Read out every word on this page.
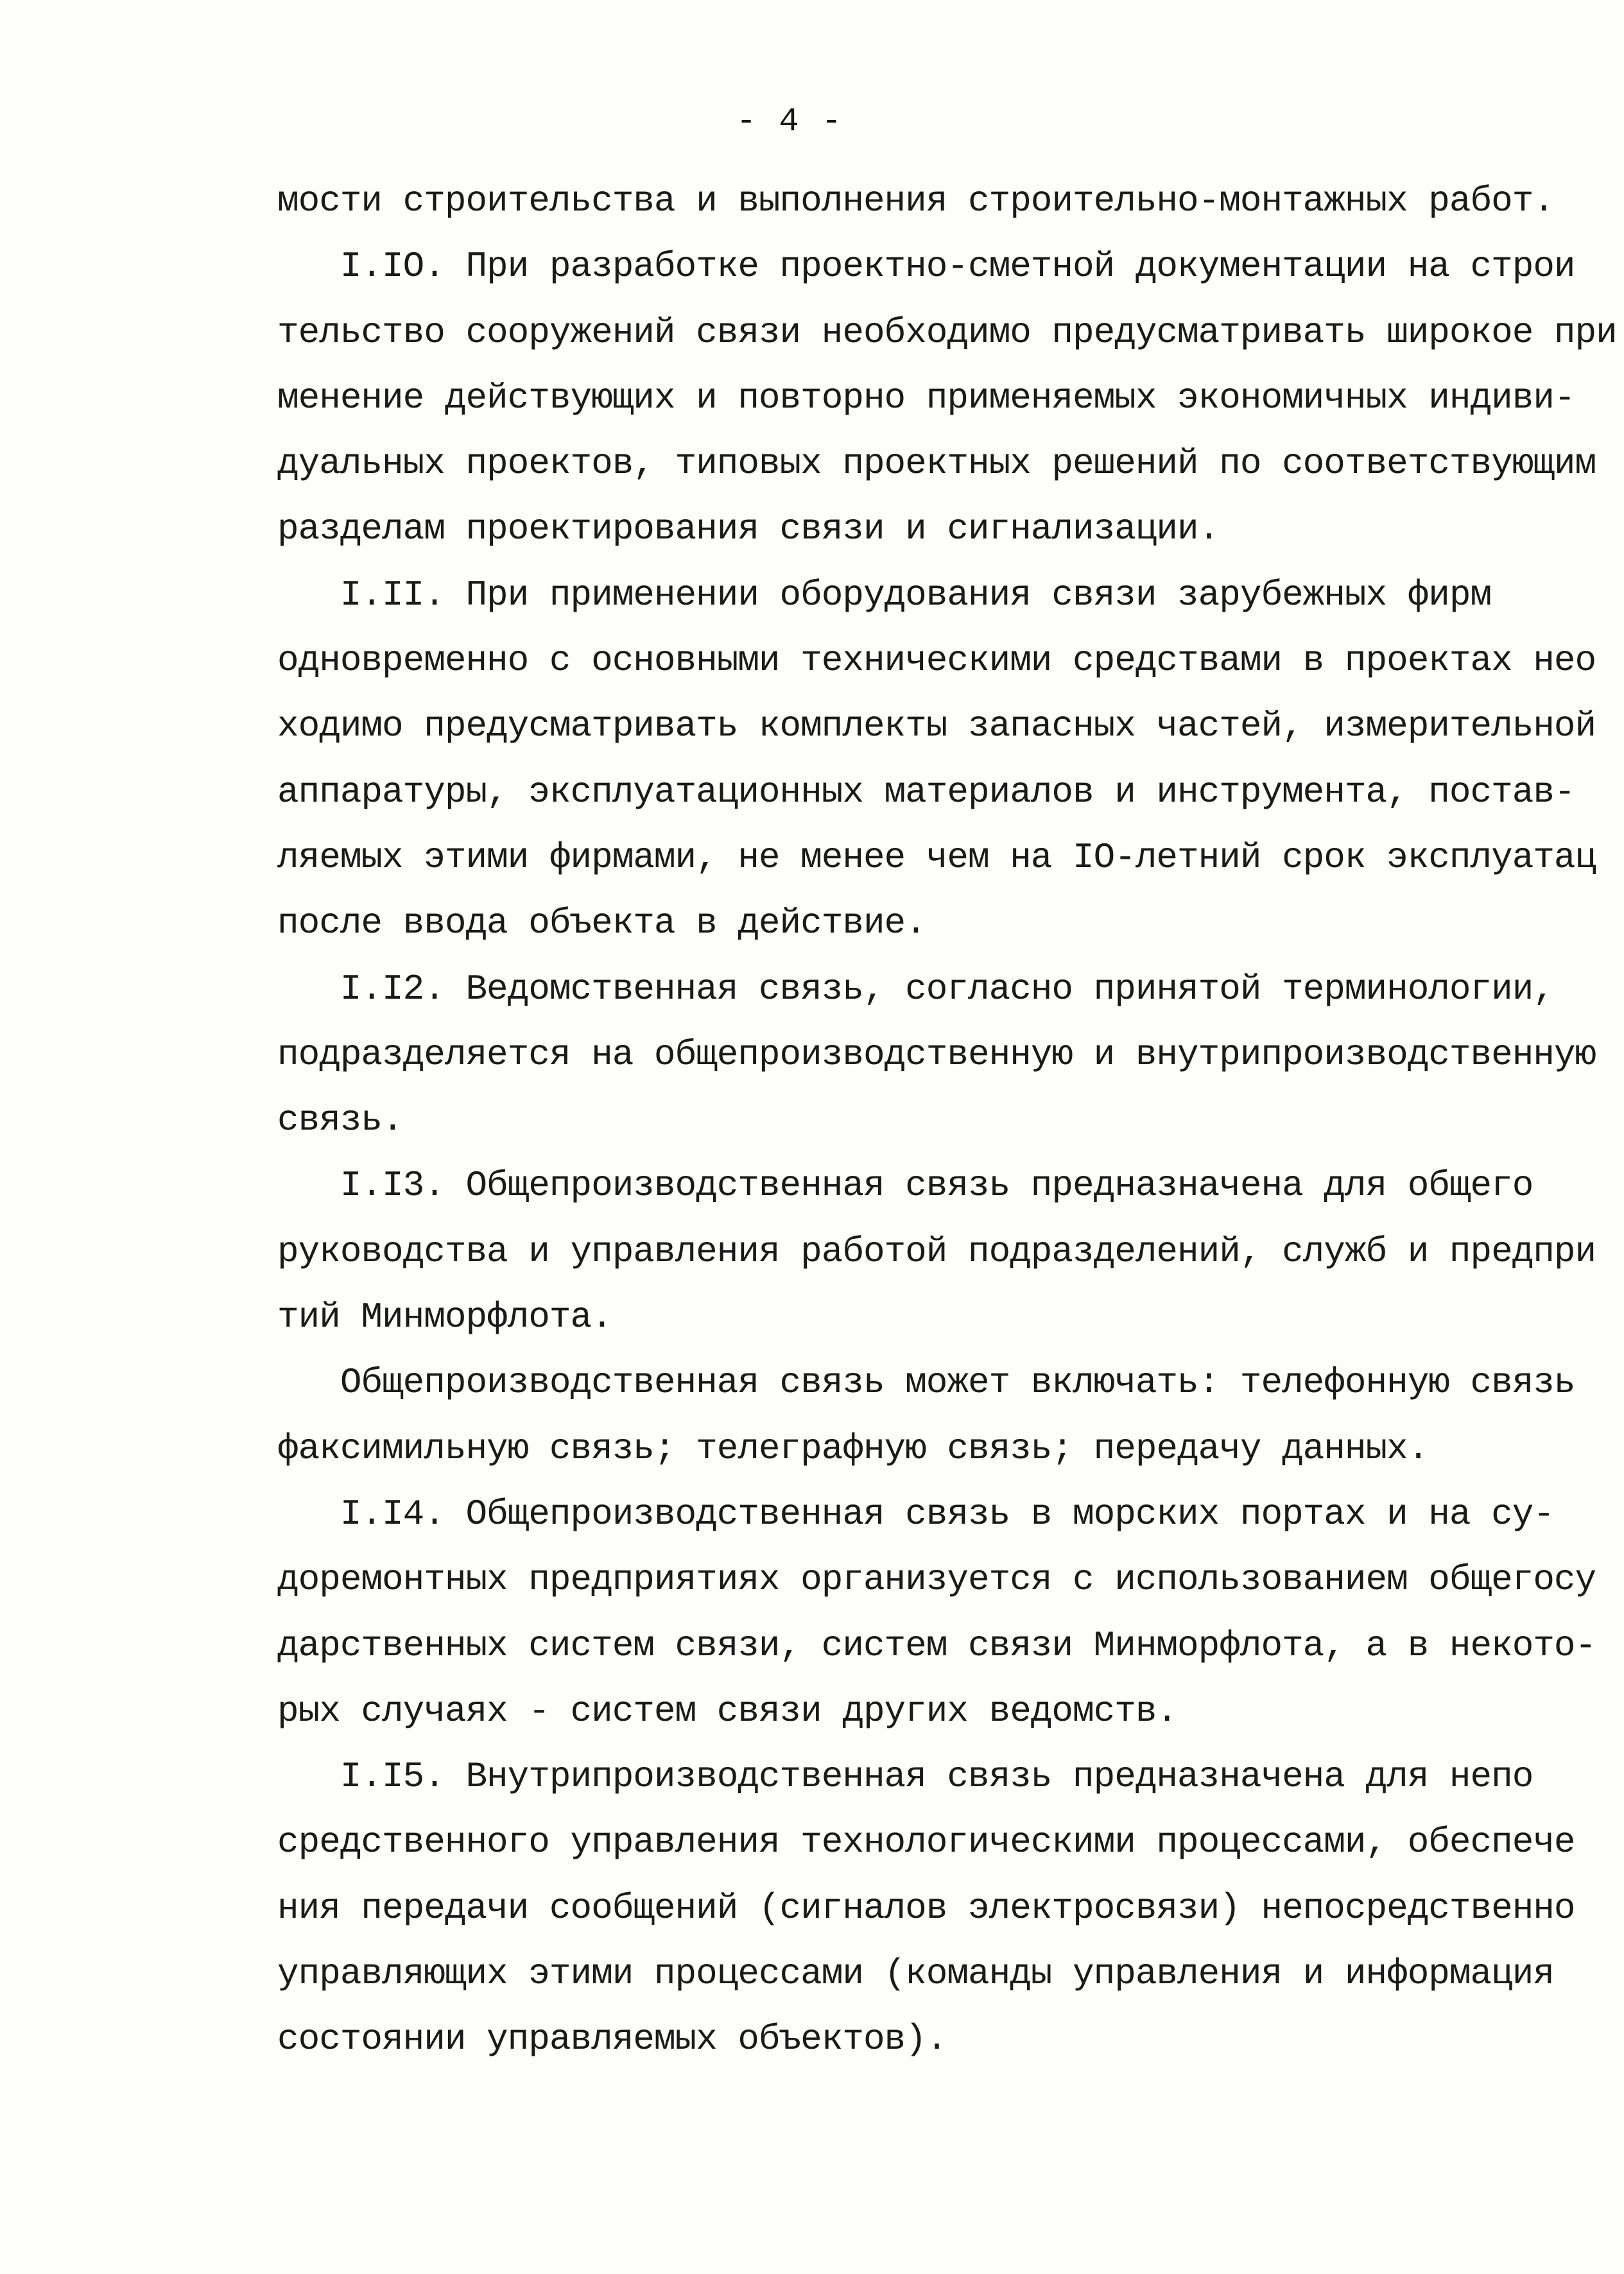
- 4 -
мости строительства и выполнения строительно-монтажных работ.
I.IO. При разработке проектно-сметной документации на строи
тельство сооружений связи необходимо предусматривать широкое при
менение действующих и повторно применяемых экономичных индиви-
дуальных проектов, типовых проектных решений по соответствующим
разделам проектирования связи и сигнализации.
I.II. При применении оборудования связи зарубежных фирм
одновременно с основными техническими средствами в проектах нео
ходимо предусматривать комплекты запасных частей, измерительной
аппаратуры, эксплуатационных материалов и инструмента, постав-
ляемых этими фирмами, не менее чем на IO-летний срок эксплуатац
после ввода объекта в действие.
I.I2. Ведомственная связь, согласно принятой терминологии,
подразделяется на общепроизводственную и внутрипроизводственную
связь.
I.I3. Общепроизводственная связь предназначена для общего
руководства и управления работой подразделений, служб и предпри
тий Минморфлота.
Общепроизводственная связь может включать: телефонную связь
факсимильную связь; телеграфную связь; передачу данных.
I.I4. Общепроизводственная связь в морских портах и на су-
доремонтных предприятиях организуется с использованием общегосу
дарственных систем связи, систем связи Минморфлота, а в некото-
рых случаях - систем связи других ведомств.
I.I5. Внутрипроизводственная связь предназначена для непо
средственного управления технологическими процессами, обеспече
ния передачи сообщений (сигналов электросвязи) непосредственно
управляющих этими процессами (команды управления и информация
состоянии управляемых объектов).
